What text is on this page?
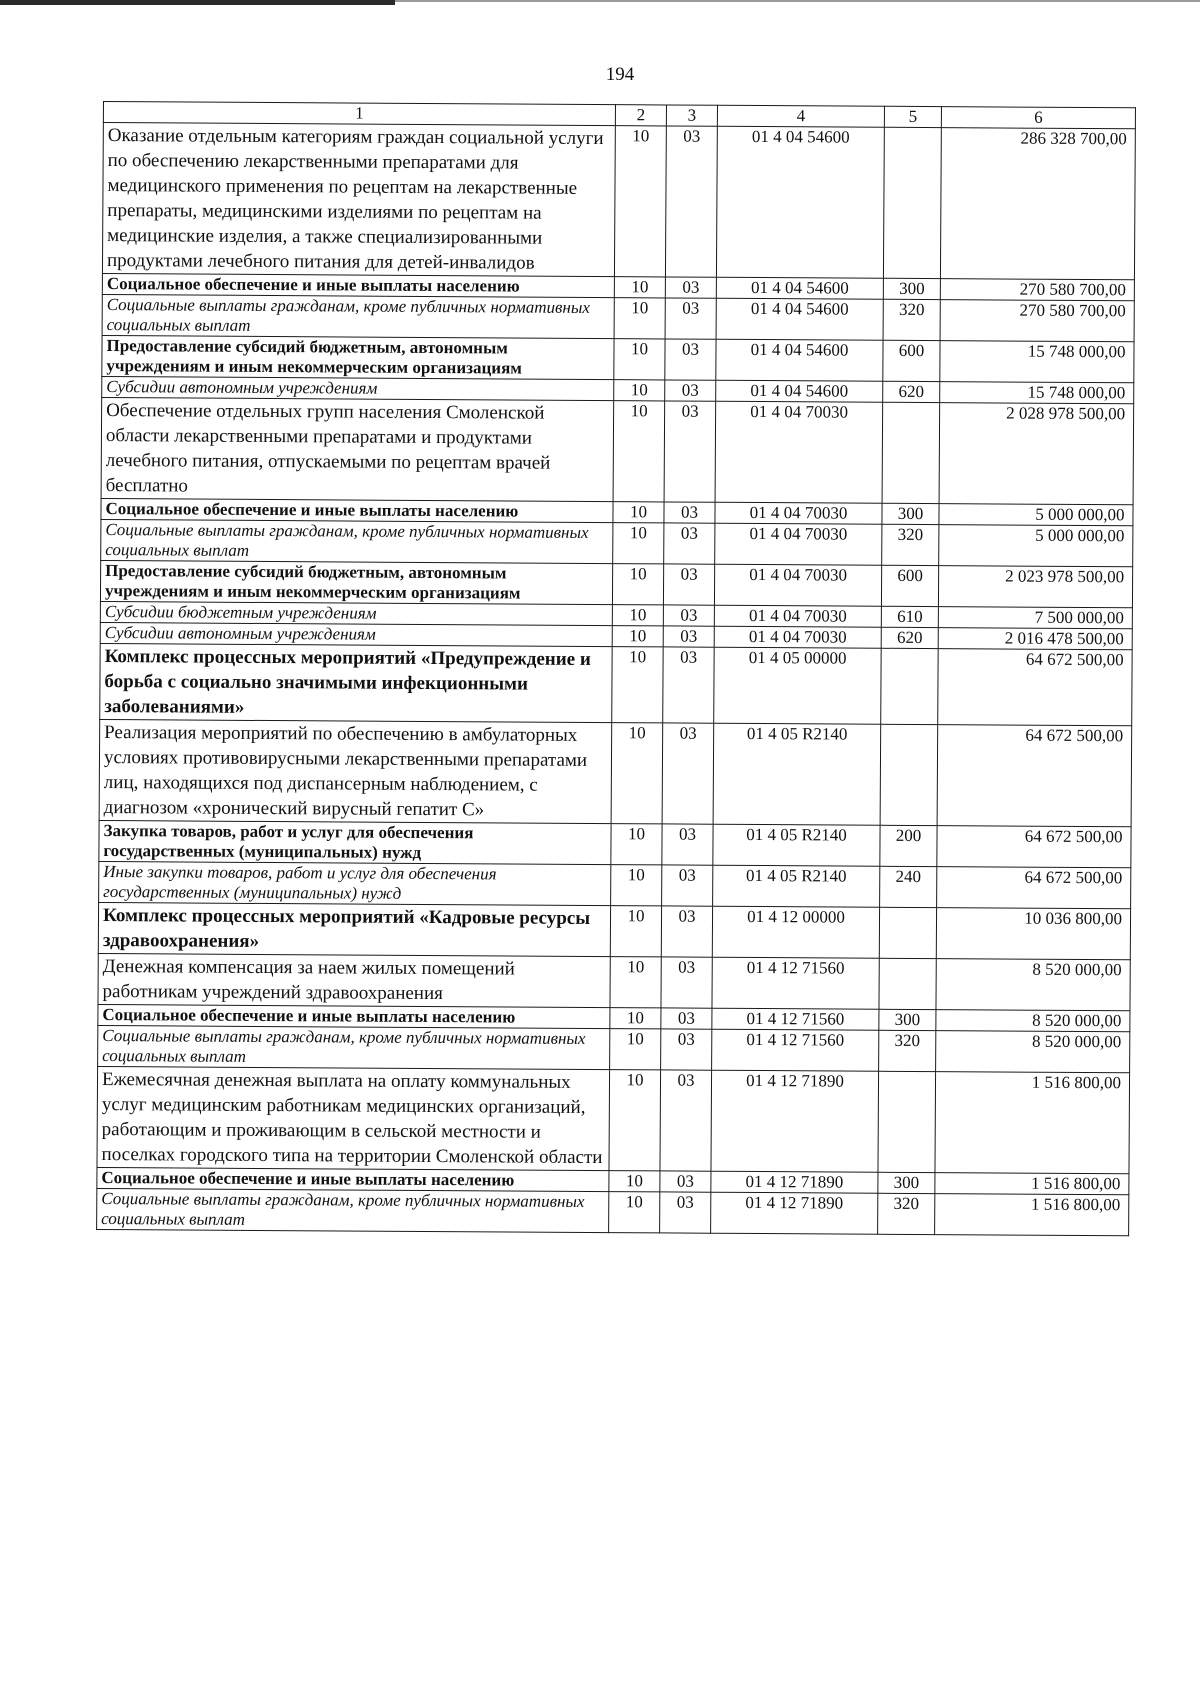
194
1	2	3	4	5	6
Оказание отдельным категориям граждан социальной услуги по обеспечению лекарственными препаратами для медицинского применения по рецептам на лекарственные препараты, медицинскими изделиями по рецептам на медицинские изделия, а также специализированными продуктами лечебного питания для детей-инвалидов	10	03	01 4 04 54600		286 328 700,00
Социальное обеспечение и иные выплаты населению	10	03	01 4 04 54600	300	270 580 700,00
Социальные выплаты гражданам, кроме публичных нормативных социальных выплат	10	03	01 4 04 54600	320	270 580 700,00
Предоставление субсидий бюджетным, автономным учреждениям и иным некоммерческим организациям	10	03	01 4 04 54600	600	15 748 000,00
Субсидии автономным учреждениям	10	03	01 4 04 54600	620	15 748 000,00
Обеспечение отдельных групп населения Смоленской области лекарственными препаратами и продуктами лечебного питания, отпускаемыми по рецептам врачей бесплатно	10	03	01 4 04 70030		2 028 978 500,00
Социальное обеспечение и иные выплаты населению	10	03	01 4 04 70030	300	5 000 000,00
Социальные выплаты гражданам, кроме публичных нормативных социальных выплат	10	03	01 4 04 70030	320	5 000 000,00
Предоставление субсидий бюджетным, автономным учреждениям и иным некоммерческим организациям	10	03	01 4 04 70030	600	2 023 978 500,00
Субсидии бюджетным учреждениям	10	03	01 4 04 70030	610	7 500 000,00
Субсидии автономным учреждениям	10	03	01 4 04 70030	620	2 016 478 500,00
Комплекс процессных мероприятий «Предупреждение и борьба с социально значимыми инфекционными заболеваниями»	10	03	01 4 05 00000		64 672 500,00
Реализация мероприятий по обеспечению в амбулаторных условиях противовирусными лекарственными препаратами лиц, находящихся под диспансерным наблюдением, с диагнозом «хронический вирусный гепатит С»	10	03	01 4 05 R2140		64 672 500,00
Закупка товаров, работ и услуг для обеспечения государственных (муниципальных) нужд	10	03	01 4 05 R2140	200	64 672 500,00
Иные закупки товаров, работ и услуг для обеспечения государственных (муниципальных) нужд	10	03	01 4 05 R2140	240	64 672 500,00
Комплекс процессных мероприятий «Кадровые ресурсы здравоохранения»	10	03	01 4 12 00000		10 036 800,00
Денежная компенсация за наем жилых помещений работникам учреждений здравоохранения	10	03	01 4 12 71560		8 520 000,00
Социальное обеспечение и иные выплаты населению	10	03	01 4 12 71560	300	8 520 000,00
Социальные выплаты гражданам, кроме публичных нормативных социальных выплат	10	03	01 4 12 71560	320	8 520 000,00
Ежемесячная денежная выплата на оплату коммунальных услуг медицинским работникам медицинских организаций, работающим и проживающим в сельской местности и поселках городского типа на территории Смоленской области	10	03	01 4 12 71890		1 516 800,00
Социальное обеспечение и иные выплаты населению	10	03	01 4 12 71890	300	1 516 800,00
Социальные выплаты гражданам, кроме публичных нормативных социальных выплат	10	03	01 4 12 71890	320	1 516 800,00
